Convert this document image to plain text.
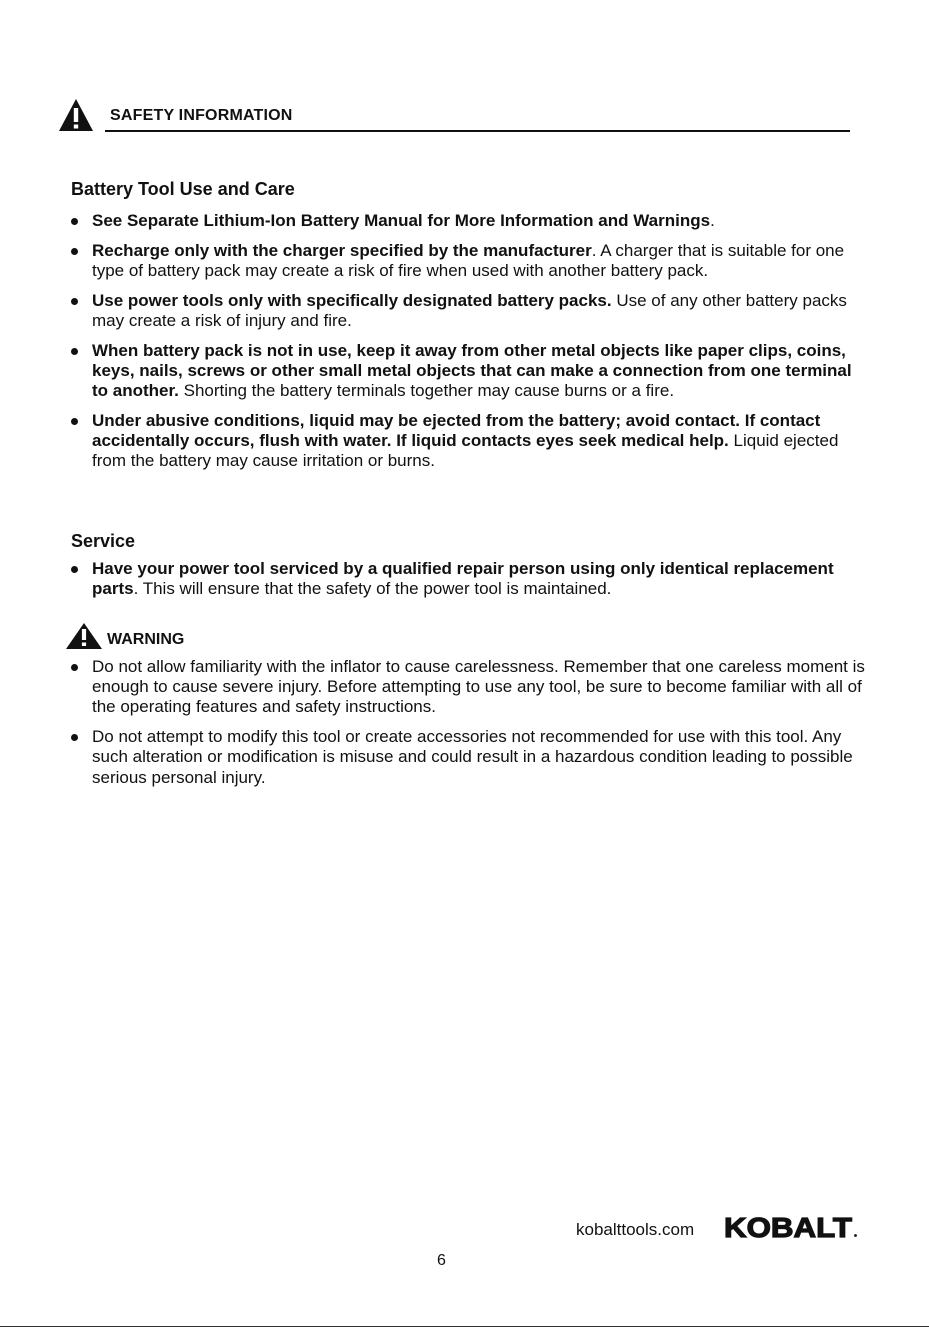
SAFETY INFORMATION
Battery Tool Use and Care
See Separate Lithium-Ion Battery Manual for More Information and Warnings.
Recharge only with the charger specified by the manufacturer. A charger that is suitable for one type of battery pack may create a risk of fire when used with another battery pack.
Use power tools only with specifically designated battery packs. Use of any other battery packs may create a risk of injury and fire.
When battery pack is not in use, keep it away from other metal objects like paper clips, coins, keys, nails, screws or other small metal objects that can make a connection from one terminal to another. Shorting the battery terminals together may cause burns or a fire.
Under abusive conditions, liquid may be ejected from the battery; avoid contact. If contact accidentally occurs, flush with water. If liquid contacts eyes seek medical help. Liquid ejected from the battery may cause irritation or burns.
Service
Have your power tool serviced by a qualified repair person using only identical replacement parts. This will ensure that the safety of the power tool is maintained.
WARNING
Do not allow familiarity with the inflator to cause carelessness. Remember that one careless moment is enough to cause severe injury. Before attempting to use any tool, be sure to become familiar with all of the operating features and safety instructions.
Do not attempt to modify this tool or create accessories not recommended for use with this tool. Any such alteration or modification is misuse and could result in a hazardous condition leading to possible serious personal injury.
kobalttools.com KOBALT
6
